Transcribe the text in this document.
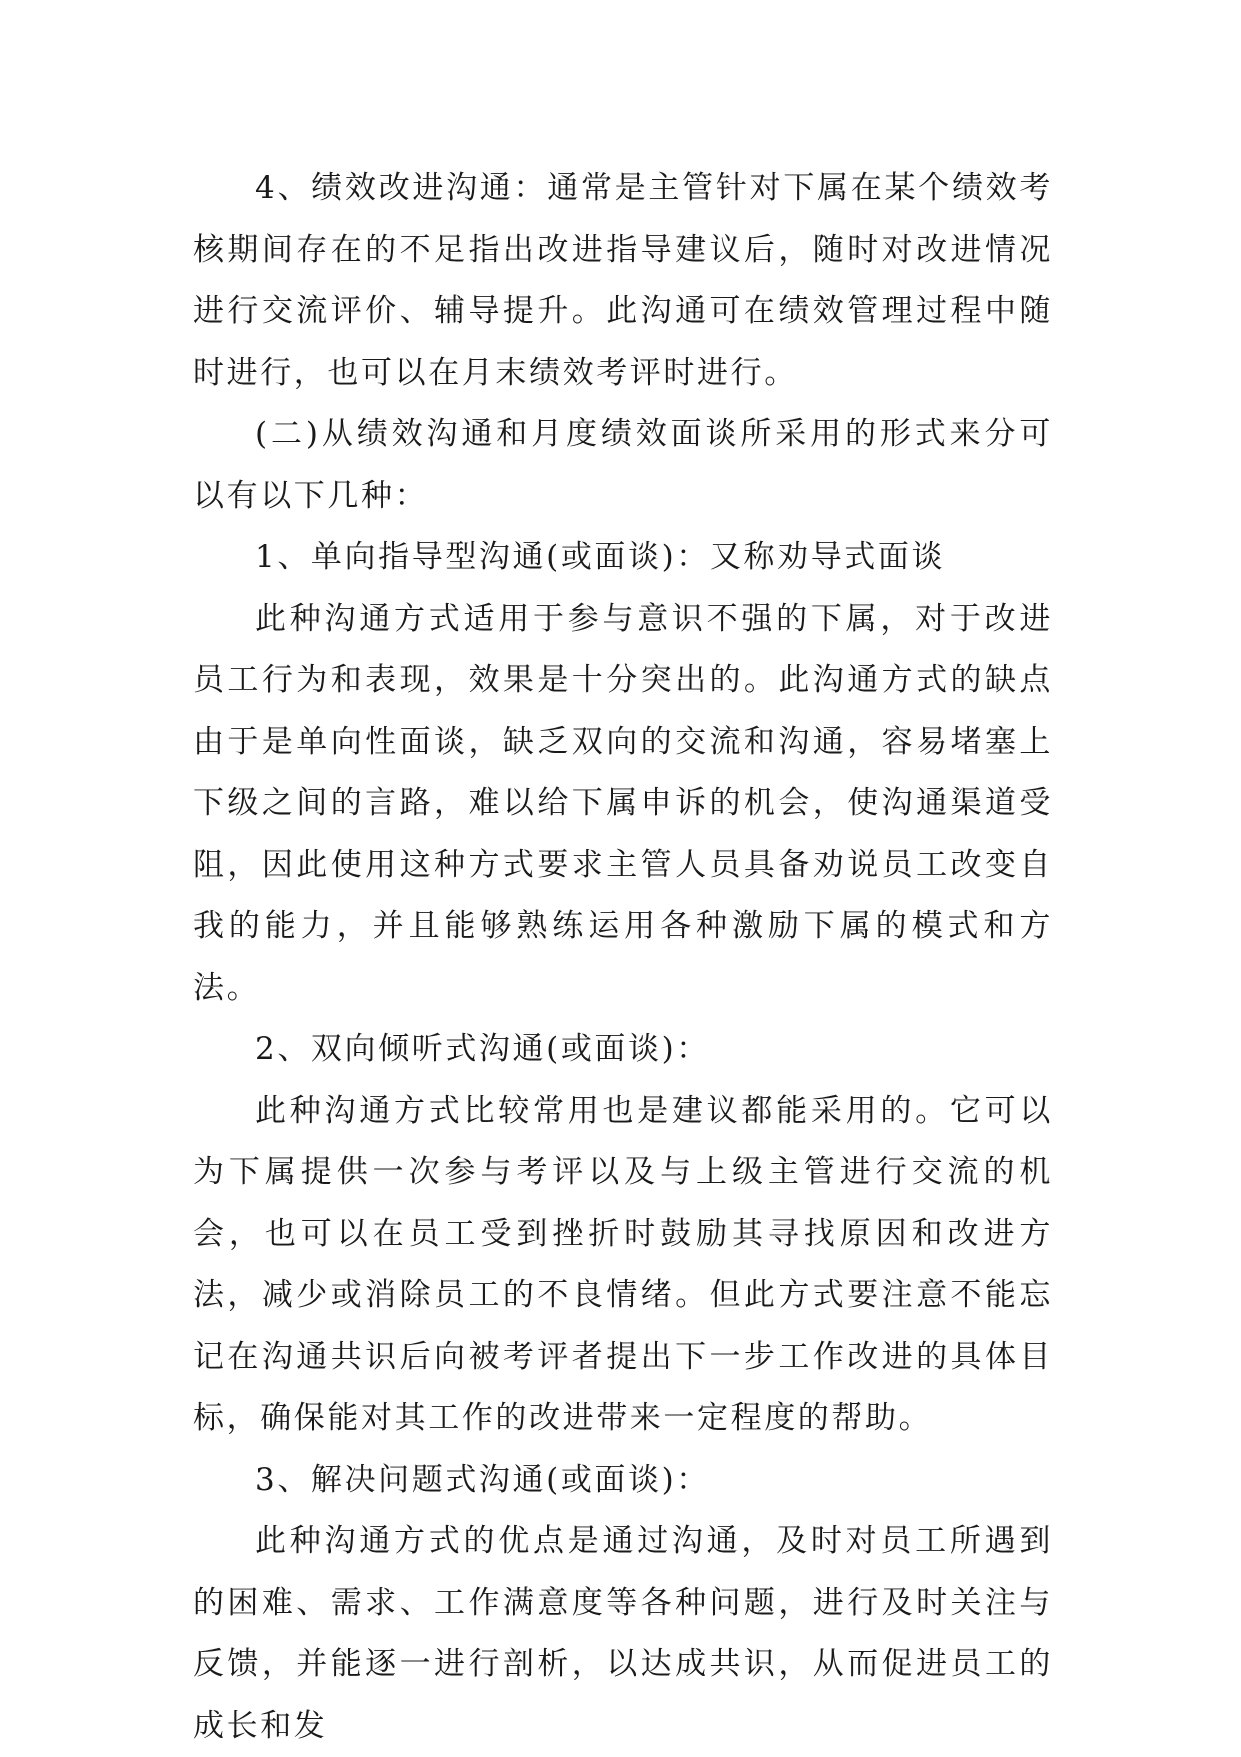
4、绩效改进沟通：通常是主管针对下属在某个绩效考核期间存在的不足指出改进指导建议后，随时对改进情况进行交流评价、辅导提升。此沟通可在绩效管理过程中随时进行，也可以在月末绩效考评时进行。

(二)从绩效沟通和月度绩效面谈所采用的形式来分可以有以下几种：

1、单向指导型沟通(或面谈)：又称劝导式面谈

此种沟通方式适用于参与意识不强的下属，对于改进员工行为和表现，效果是十分突出的。此沟通方式的缺点由于是单向性面谈，缺乏双向的交流和沟通，容易堵塞上下级之间的言路，难以给下属申诉的机会，使沟通渠道受阻，因此使用这种方式要求主管人员具备劝说员工改变自我的能力，并且能够熟练运用各种激励下属的模式和方法。

2、双向倾听式沟通(或面谈)：

此种沟通方式比较常用也是建议都能采用的。它可以为下属提供一次参与考评以及与上级主管进行交流的机会，也可以在员工受到挫折时鼓励其寻找原因和改进方法，减少或消除员工的不良情绪。但此方式要注意不能忘记在沟通共识后向被考评者提出下一步工作改进的具体目标，确保能对其工作的改进带来一定程度的帮助。

3、解决问题式沟通(或面谈)：

此种沟通方式的优点是通过沟通，及时对员工所遇到的困难、需求、工作满意度等各种问题，进行及时关注与反馈，并能逐一进行剖析，以达成共识，从而促进员工的成长和发
